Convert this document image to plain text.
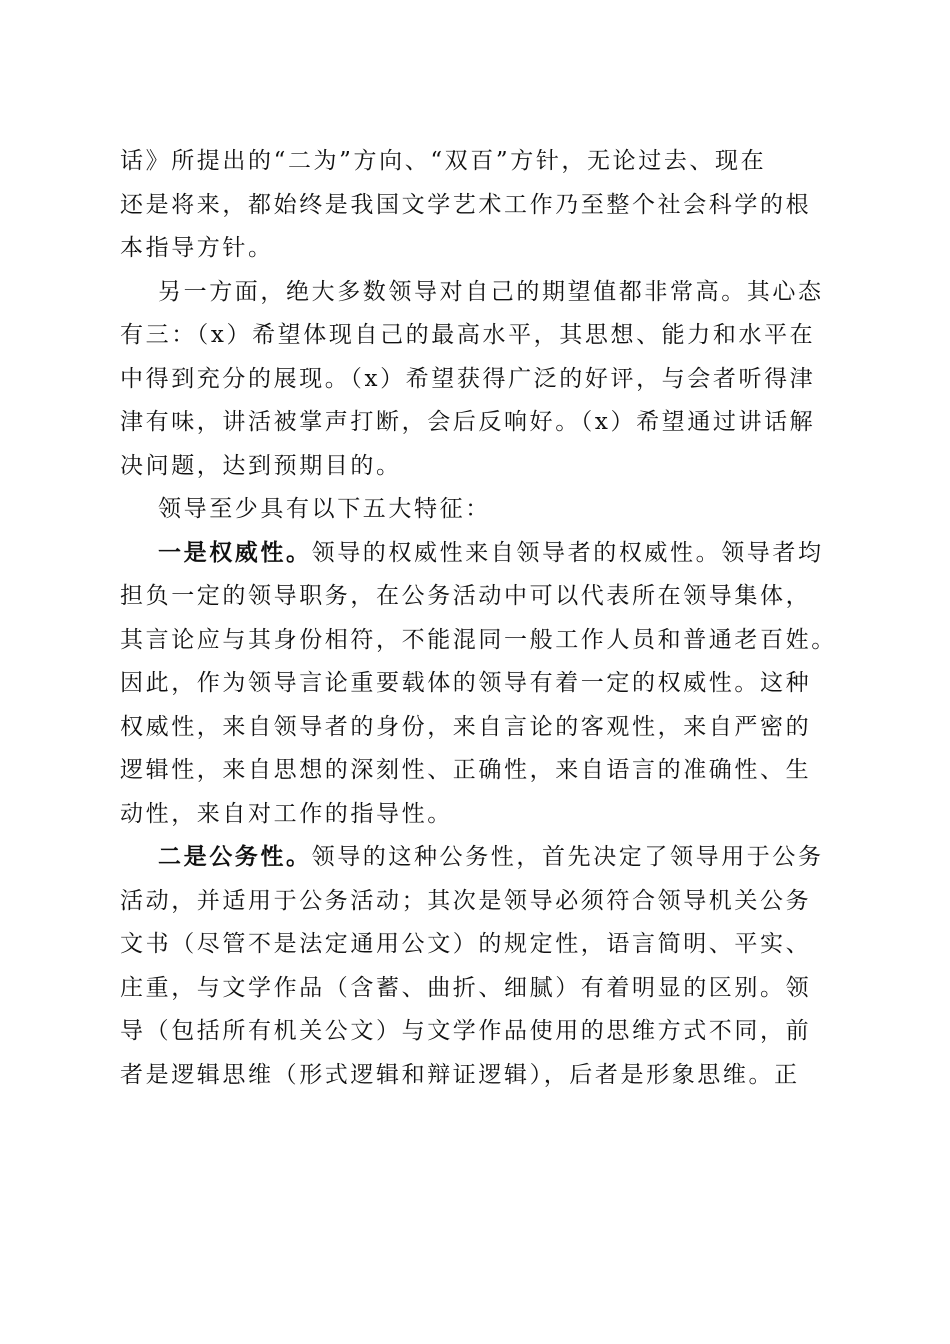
话》所提出的“二为”方向、“双百”方针，无论过去、现在
还是将来，都始终是我国文学艺术工作乃至整个社会科学的根
本指导方针。
另一方面，绝大多数领导对自己的期望值都非常高。其心态
有三：（x）希望体现自己的最高水平，其思想、能力和水平在
中得到充分的展现。（x）希望获得广泛的好评，与会者听得津
津有味，讲活被掌声打断，会后反响好。（x）希望通过讲话解
决问题，达到预期目的。
领导至少具有以下五大特征：
一是权威性。领导的权威性来自领导者的权威性。领导者均
担负一定的领导职务，在公务活动中可以代表所在领导集体，
其言论应与其身份相符，不能混同一般工作人员和普通老百姓。
因此，作为领导言论重要载体的领导有着一定的权威性。这种
权威性，来自领导者的身份，来自言论的客观性，来自严密的
逻辑性，来自思想的深刻性、正确性，来自语言的准确性、生
动性，来自对工作的指导性。
二是公务性。领导的这种公务性，首先决定了领导用于公务
活动，并适用于公务活动；其次是领导必须符合领导机关公务
文书（尽管不是法定通用公文）的规定性，语言简明、平实、
庄重，与文学作品（含蓄、曲折、细腻）有着明显的区别。领
导（包括所有机关公文）与文学作品使用的思维方式不同，前
者是逻辑思维（形式逻辑和辩证逻辑），后者是形象思维。正
